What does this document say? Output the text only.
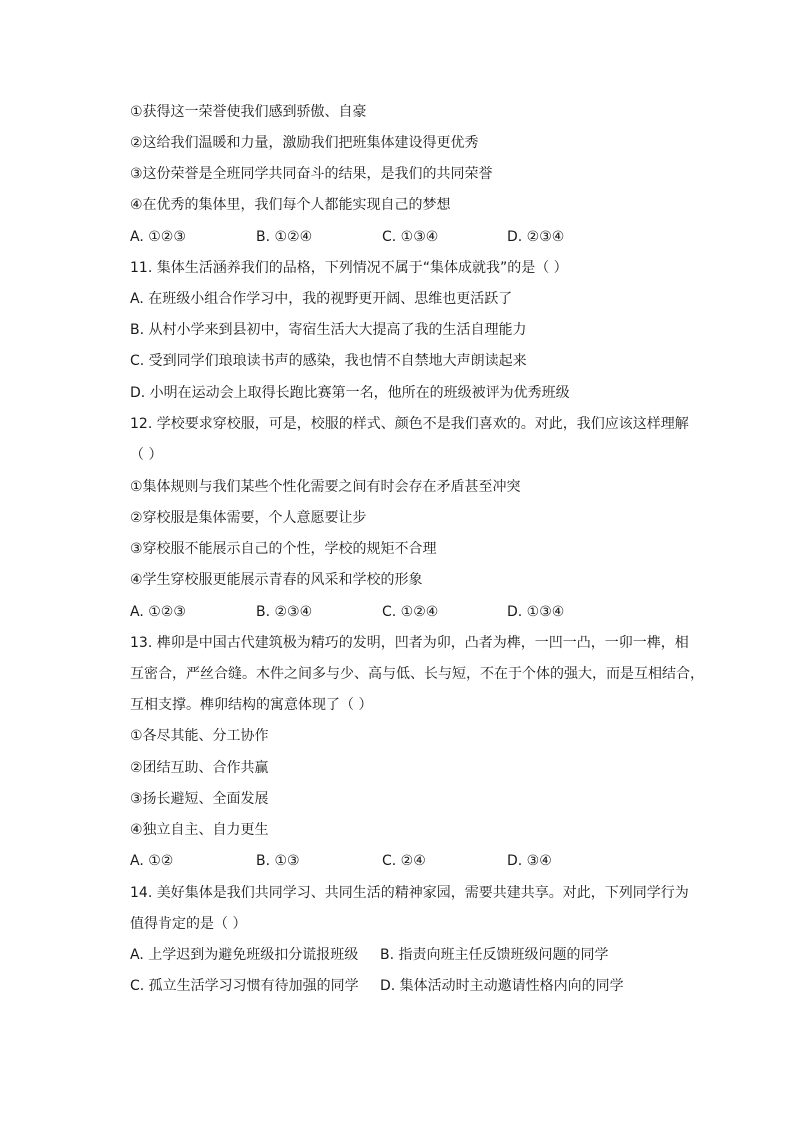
①获得这一荣誉使我们感到骄傲、自豪
②这给我们温暖和力量，激励我们把班集体建设得更优秀
③这份荣誉是全班同学共同奋斗的结果，是我们的共同荣誉
④在优秀的集体里，我们每个人都能实现自己的梦想
A. ①②③	B. ①②④	C. ①③④	D. ②③④
11. 集体生活涵养我们的品格，下列情况不属于“集体成就我”的是（ ）
A. 在班级小组合作学习中，我的视野更开阔、思维也更活跃了
B. 从村小学来到县初中，寄宿生活大大提高了我的生活自理能力
C. 受到同学们琅琅读书声的感染，我也情不自禁地大声朗读起来
D. 小明在运动会上取得长跑比赛第一名，他所在的班级被评为优秀班级
12. 学校要求穿校服，可是，校服的样式、颜色不是我们喜欢的。对此，我们应该这样理解
（ ）
①集体规则与我们某些个性化需要之间有时会存在矛盾甚至冲突
②穿校服是集体需要，个人意愿要让步
③穿校服不能展示自己的个性，学校的规矩不合理
④学生穿校服更能展示青春的风采和学校的形象
A. ①②③	B. ②③④	C. ①②④	D. ①③④
13. 榫卯是中国古代建筑极为精巧的发明，凹者为卯，凸者为榫，一凹一凸，一卯一榫，相
互密合，严丝合缝。木件之间多与少、高与低、长与短，不在于个体的强大，而是互相结合，
互相支撑。榫卯结构的寓意体现了（ ）
①各尽其能、分工协作
②团结互助、合作共赢
③扬长避短、全面发展
④独立自主、自力更生
A. ①②	B. ①③	C. ②④	D. ③④
14. 美好集体是我们共同学习、共同生活的精神家园，需要共建共享。对此，下列同学行为
值得肯定的是（ ）
A. 上学迟到为避免班级扣分谎报班级 B. 指责向班主任反馈班级问题的同学
C. 孤立生活学习习惯有待加强的同学 D. 集体活动时主动邀请性格内向的同学
